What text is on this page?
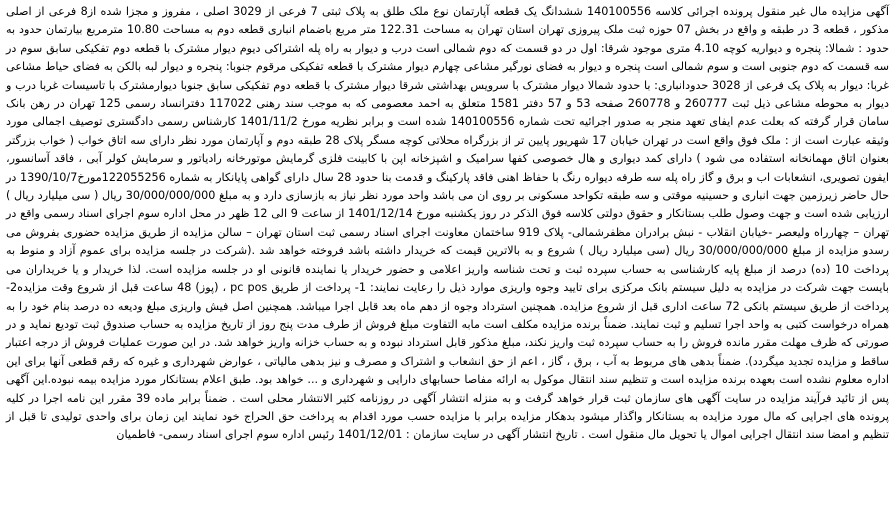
آگهی مزایده مال غیر منقول پرونده اجرائی کلاسه 140100556 ششدانگ یک قطعه آپارتمان نوع ملک طلق به پلاک ثبتی 7 فرعی از 3029 اصلی ، مفروز و مجزا شده از8 فرعی از اصلی مذکور ، قطعه 3 در طبقه و واقع در بخش 07 حوزه ثبت ملک پیروزی تهران استان تهران به مساحت 122.31 متر مربع باضمام انباری قطعه دوم به مساحت 10.80 مترمربع بیارتمان حدود به حدود : شمالا: پنجره و دیواریه کوچه 4.10 متری موجود شرقا: اول در دو قسمت که دوم شمالی است درب و دیوار به راه پله اشتراکی دیوم دیوار مشترک با قطعه دوم تفکیکی سابق سوم در سه قسمت که دوم جنوبی است و سوم شمالی است پنجره و دیوار به فضای نورگیر مشاعی چهارم دیوار مشترک با قطعه تفکیکی مرقوم جنوبا: پنجره و دیوار لبه بالکن به فضای حیاط مشاعی غربا: دیوار به پلاک یک فرعی از 3028 حدودانباری: با حدود شمالا دیوار مشترک با سرویس بهداشتی شرقا دیوار مشترک با قطعه دوم تفکیکی سابق جنوبا دیوارمشترک با تاسیسات غربا درب و دیوار به محوطه مشاعی ذیل ثبت 260777 و 260778 صفحه 53 و 57 دفتر 1581 متعلق به احمد معصومی که به موجب سند رهنی 117022 دفترانساد رسمی 125 تهران در رهن بانک سامان قرار گرفته که بعلت عدم ایفای تعهد منجر به صدور اجرائیه تحت شماره 140100556 شده است و برابر نظریه مورخ 1401/11/2 کارشناس رسمی دادگستری توصیف اجمالی مورد وثیقه عبارت است از : ملک فوق واقع است در تهران خیابان 17 شهریور پایین تر از بزرگراه محلاتی کوچه مسگر پلاک 28 طبقه دوم و آپارتمان مورد نظر دارای سه اتاق خواب ( خواب بزرگتر بعنوان اتاق مهمانخانه استفاده می شود ) دارای کمد دیواری و هال خصوصی کفها سرامیک و اشپزخانه اپن با کابینت فلزی گرمایش موتورخانه رادیاتور و سرمایش کولر آبی ، فاقد آسانسور، ایفون تصویری، انشعابات اب و برق و گاز راه پله سه طرفه دیواره رنگ با حفاظ اهنی فاقد پارکینگ و قدمت بنا حدود 28 سال دارای گواهی پایانکار به شماره 122055256مورخ1390/10/7 در حال حاضر زیرزمین جهت انباری و حسینیه موقتی و سه طبقه تکواحد مسکونی بر روی ان می باشد واحد مورد نظر نیاز به بازسازی دارد و به مبلغ 30/000/000/000 ریال ( سی میلیارد ریال ) ارزیابی شده است و جهت وصول طلب بستانکار و حقوق دولتی کلاسه فوق الذکر در روز یکشنبه مورخ 1401/12/14 از ساعت 9 الی 12 ظهر در محل اداره سوم اجرای اسناد رسمی واقع در تهران – چهارراه ولیعصر -خیابان انقلاب - نبش برادران مظفرشمالی- پلاک 919 ساختمان معاونت اجرای اسناد رسمی ثبت استان تهران – سالن مزایده از طریق مزایده حضوری بفروش می رسدو مزایده از مبلغ 30/000/000/000 ریال (سی میلیارد ریال ) شروع و به بالاترین قیمت که خریدار داشته باشد فروخته خواهد شد .(شرکت در جلسه مزایده برای عموم آزاد و منوط به پرداخت 10 (ده) درصد از مبلغ پایه کارشناسی به حساب سپرده ثبت و تحت شناسه واریز اعلامی و حضور خریدار یا نماینده قانونی او در جلسه مزایده است. لذا خریدار و یا خریداران می بایست جهت شرکت در مزایده به دلیل سیستم بانک مرکزی برای تایید وجوه واریزی موارد ذیل را رعایت نمایند: 1- پرداخت از طریق pc pos ، (پوز) 48 ساعت قبل از شروع وقت مزایده2- پرداخت از طریق سیستم بانکی 72 ساعت اداری قبل از شروع مزایده. همچنین استرداد وجوه از دهم ماه بعد قابل اجرا میباشد. همچنین اصل فیش واریزی مبلغ ودیعه ده درصد بنام خود را به همراه درخواست کتبی به واحد اجرا تسلیم و ثبت نمایند. ضمناً برنده مزایده مکلف است مابه التفاوت مبلغ فروش از طرف مدت پنج روز از تاریخ مزایده به حساب صندوق ثبت تودیع نماید و در صورتی که ظرف مهلت مقرر مانده فروش را به حساب سپرده ثبت واریز نکند، مبلغ مذکور قابل استرداد نبوده و به حساب خزانه واریز خواهد شد. در این صورت عملیات فروش از درجه اعتبار ساقط و مزایده تجدید میگردد). ضمناً بدهی های مربوط به آب ، برق ، گاز ، اعم از حق انشعاب و اشتراک و مصرف و نیز بدهی مالیاتی ، عوارض شهرداری و غیره که رقم قطعی آنها برای این اداره معلوم نشده است بعهده برنده مزایده است و تنظیم سند انتقال موکول به ارائه مفاصا حسابهای دارایی و شهرداری و ... خواهد بود. طبق اعلام بستانکار مورد مزایده بیمه نبوده.این آگهی پس از تائید فرآیند مزایده در سایت آگهی های سازمان ثبت قرار خواهد گرفت و به منزله انتشار آگهی در روزنامه کثیر الانتشار محلی است . ضمناً برابر ماده 39 مقرر این نامه اجرا در کلیه پرونده های اجرایی که مال مورد مزایده به بستانکار واگذار میشود بدهکار مزایده برابر با مزایده حسب مورد اقدام به پرداخت حق الحراج خود نمایند این زمان برای واحدی تولیدی تا قبل از تنظیم و امضا سند انتقال اجرایی اموال یا تحویل مال منقول است . تاریخ انتشار آگهی در سایت سازمان : 1401/12/01 رئیس اداره سوم اجرای اسناد رسمی- فاطمیان
